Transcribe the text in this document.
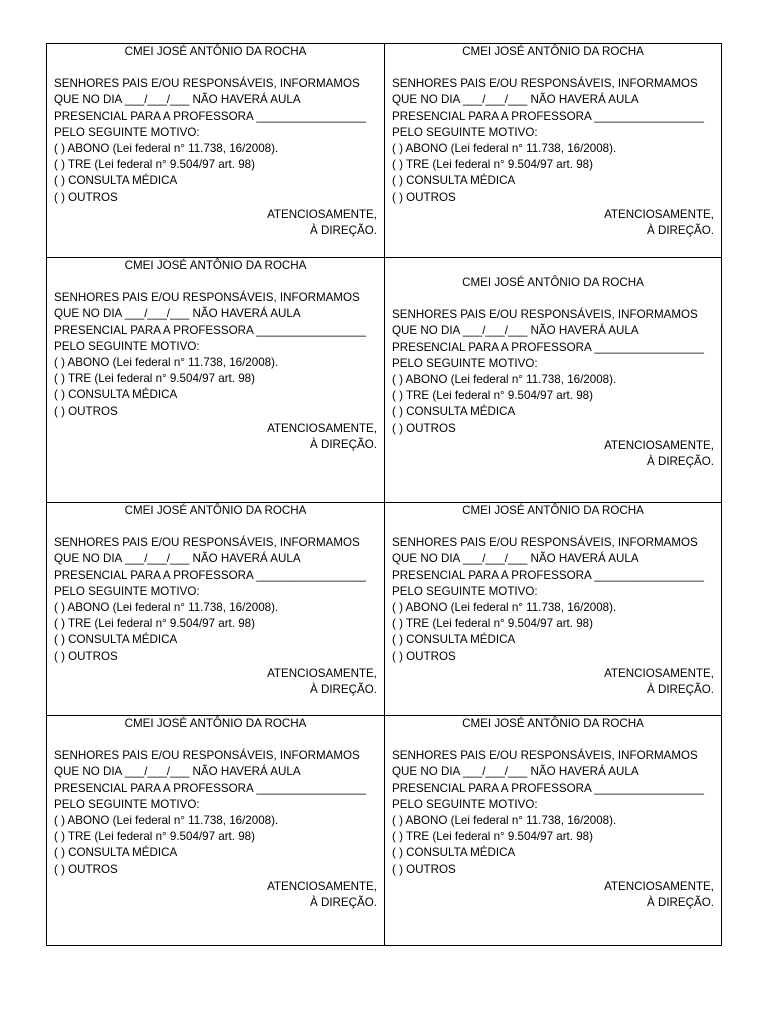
CMEI JOSÉ ANTÔNIO DA ROCHA
SENHORES PAIS E/OU RESPONSÁVEIS, INFORMAMOS
QUE NO DIA ___/___/___ NÃO HAVERÁ AULA
PRESENCIAL PARA A PROFESSORA _________________
PELO SEGUINTE MOTIVO:
( ) ABONO (Lei federal n° 11.738, 16/2008).
( ) TRE (Lei federal n° 9.504/97 art. 98)
( ) CONSULTA MÉDICA
( ) OUTROS
ATENCIOSAMENTE,
À DIREÇÃO.
CMEI JOSÉ ANTÔNIO DA ROCHA
SENHORES PAIS E/OU RESPONSÁVEIS, INFORMAMOS
QUE NO DIA ___/___/___ NÃO HAVERÁ AULA
PRESENCIAL PARA A PROFESSORA _________________
PELO SEGUINTE MOTIVO:
( ) ABONO (Lei federal n° 11.738, 16/2008).
( ) TRE (Lei federal n° 9.504/97 art. 98)
( ) CONSULTA MÉDICA
( ) OUTROS
ATENCIOSAMENTE,
À DIREÇÃO.
CMEI JOSÉ ANTÔNIO DA ROCHA
SENHORES PAIS E/OU RESPONSÁVEIS, INFORMAMOS
QUE NO DIA ___/___/___ NÃO HAVERÁ AULA
PRESENCIAL PARA A PROFESSORA _________________
PELO SEGUINTE MOTIVO:
( ) ABONO (Lei federal n° 11.738, 16/2008).
( ) TRE (Lei federal n° 9.504/97 art. 98)
( ) CONSULTA MÉDICA
( ) OUTROS
ATENCIOSAMENTE,
À DIREÇÃO.
CMEI JOSÉ ANTÔNIO DA ROCHA
SENHORES PAIS E/OU RESPONSÁVEIS, INFORMAMOS
QUE NO DIA ___/___/___ NÃO HAVERÁ AULA
PRESENCIAL PARA A PROFESSORA _________________
PELO SEGUINTE MOTIVO:
( ) ABONO (Lei federal n° 11.738, 16/2008).
( ) TRE (Lei federal n° 9.504/97 art. 98)
( ) CONSULTA MÉDICA
( ) OUTROS
ATENCIOSAMENTE,
À DIREÇÃO.
CMEI JOSÉ ANTÔNIO DA ROCHA
SENHORES PAIS E/OU RESPONSÁVEIS, INFORMAMOS
QUE NO DIA ___/___/___ NÃO HAVERÁ AULA
PRESENCIAL PARA A PROFESSORA _________________
PELO SEGUINTE MOTIVO:
( ) ABONO (Lei federal n° 11.738, 16/2008).
( ) TRE (Lei federal n° 9.504/97 art. 98)
( ) CONSULTA MÉDICA
( ) OUTROS
ATENCIOSAMENTE,
À DIREÇÃO.
CMEI JOSÉ ANTÔNIO DA ROCHA
SENHORES PAIS E/OU RESPONSÁVEIS, INFORMAMOS
QUE NO DIA ___/___/___ NÃO HAVERÁ AULA
PRESENCIAL PARA A PROFESSORA _________________
PELO SEGUINTE MOTIVO:
( ) ABONO (Lei federal n° 11.738, 16/2008).
( ) TRE (Lei federal n° 9.504/97 art. 98)
( ) CONSULTA MÉDICA
( ) OUTROS
ATENCIOSAMENTE,
À DIREÇÃO.
CMEI JOSÉ ANTÔNIO DA ROCHA
SENHORES PAIS E/OU RESPONSÁVEIS, INFORMAMOS
QUE NO DIA ___/___/___ NÃO HAVERÁ AULA
PRESENCIAL PARA A PROFESSORA _________________
PELO SEGUINTE MOTIVO:
( ) ABONO (Lei federal n° 11.738, 16/2008).
( ) TRE (Lei federal n° 9.504/97 art. 98)
( ) CONSULTA MÉDICA
( ) OUTROS
ATENCIOSAMENTE,
À DIREÇÃO.
CMEI JOSÉ ANTÔNIO DA ROCHA
SENHORES PAIS E/OU RESPONSÁVEIS, INFORMAMOS
QUE NO DIA ___/___/___ NÃO HAVERÁ AULA
PRESENCIAL PARA A PROFESSORA _________________
PELO SEGUINTE MOTIVO:
( ) ABONO (Lei federal n° 11.738, 16/2008).
( ) TRE (Lei federal n° 9.504/97 art. 98)
( ) CONSULTA MÉDICA
( ) OUTROS
ATENCIOSAMENTE,
À DIREÇÃO.
